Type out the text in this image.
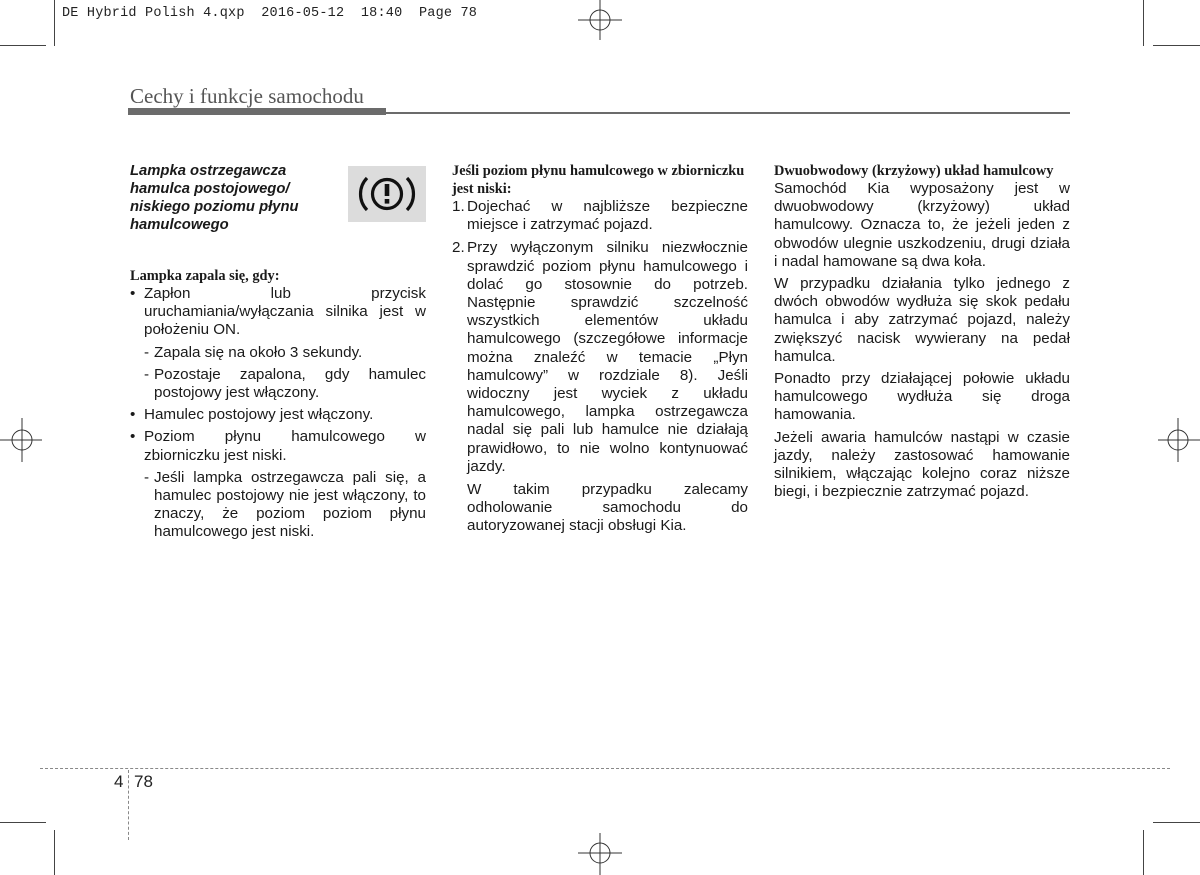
DE Hybrid Polish 4.qxp 2016-05-12 18:40 Page 78
Cechy i funkcje samochodu
Lampka ostrzegawcza hamulca postojowego/ niskiego poziomu płynu hamulcowego
Lampka zapala się, gdy:
• Zapłon lub przycisk uruchamiania/wyłączania silnika jest w położeniu ON.
- Zapala się na około 3 sekundy.
- Pozostaje zapalona, gdy hamulec postojowy jest włączony.
• Hamulec postojowy jest włączony.
• Poziom płynu hamulcowego w zbiorniczku jest niski.
- Jeśli lampka ostrzegawcza pali się, a hamulec postojowy nie jest włączony, to znaczy, że poziom poziom płynu hamulcowego jest niski.
Jeśli poziom płynu hamulcowego w zbiorniczku jest niski:
1. Dojechać w najbliższe bezpieczne miejsce i zatrzymać pojazd.
2. Przy wyłączonym silniku niezwłocznie sprawdzić poziom płynu hamulcowego i dolać go stosownie do potrzeb. Następnie sprawdzić szczelność wszystkich elementów układu hamulcowego (szczegółowe informacje można znaleźć w temacie „Płyn hamulcowy” w rozdziale 8). Jeśli widoczny jest wyciek z układu hamulcowego, lampka ostrzegawcza nadal się pali lub hamulce nie działają prawidłowo, to nie wolno kontynuować jazdy.
W takim przypadku zalecamy odholowanie samochodu do autoryzowanej stacji obsługi Kia.
Dwuobwodowy (krzyżowy) układ hamulcowy
Samochód Kia wyposażony jest w dwuobwodowy (krzyżowy) układ hamulcowy. Oznacza to, że jeżeli jeden z obwodów ulegnie uszkodzeniu, drugi działa i nadal hamowane są dwa koła.
W przypadku działania tylko jednego z dwóch obwodów wydłuża się skok pedału hamulca i aby zatrzymać pojazd, należy zwiększyć nacisk wywierany na pedał hamulca.
Ponadto przy działającej połowie układu hamulcowego wydłuża się droga hamowania.
Jeżeli awaria hamulców nastąpi w czasie jazdy, należy zastosować hamowanie silnikiem, włączając kolejno coraz niższe biegi, i bezpiecznie zatrzymać pojazd.
4 78
